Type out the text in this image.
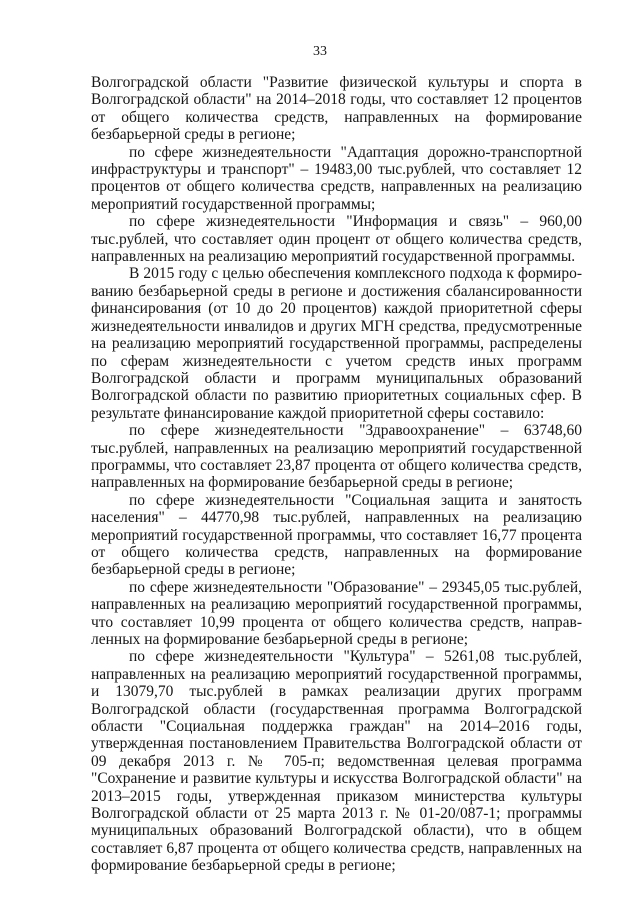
33

Волгоградской области "Развитие физической культуры и спорта в Волгоградской области" на 2014–2018 годы, что составляет 12 процентов от общего количества средств, направленных на формирование безбарьерной среды в регионе;

по сфере жизнедеятельности "Адаптация дорожно-транспортной инфраструктуры и транспорт" – 19483,00 тыс.рублей, что составляет 12 процентов от общего количества средств, направленных на реализацию мероприятий государственной программы;

по сфере жизнедеятельности "Информация и связь" – 960,00 тыс.рублей, что составляет один процент от общего количества средств, направленных на реализацию мероприятий государственной программы.

В 2015 году с целью обеспечения комплексного подхода к формированию безбарьерной среды в регионе и достижения сбалансированности финансирования (от 10 до 20 процентов) каждой приоритетной сферы жизнедеятельности инвалидов и других МГН средства, предусмотренные на реализацию мероприятий государственной программы, распределены по сферам жизнедеятельности с учетом средств иных программ Волгоградской области и программ муниципальных образований Волгоградской области по развитию приоритетных социальных сфер. В результате финансирование каждой приоритетной сферы составило:

по сфере жизнедеятельности "Здравоохранение" – 63748,60 тыс.рублей, направленных на реализацию мероприятий государственной программы, что составляет 23,87 процента от общего количества средств, направленных на формирование безбарьерной среды в регионе;

по сфере жизнедеятельности "Социальная защита и занятость населения" – 44770,98 тыс.рублей, направленных на реализацию мероприятий государственной программы, что составляет 16,77 процента от общего количества средств, направленных на формирование безбарьерной среды в регионе;

по сфере жизнедеятельности "Образование" – 29345,05 тыс.рублей, направленных на реализацию мероприятий государственной программы, что составляет 10,99 процента от общего количества средств, направленных на формирование безбарьерной среды в регионе;

по сфере жизнедеятельности "Культура" – 5261,08 тыс.рублей, направленных на реализацию мероприятий государственной программы, и 13079,70 тыс.рублей в рамках реализации других программ Волгоградской области (государственная программа Волгоградской области "Социальная поддержка граждан" на 2014–2016 годы, утвержденная постановлением Правительства Волгоградской области от 09 декабря 2013 г. № 705-п; ведомственная целевая программа "Сохранение и развитие культуры и искусства Волгоградской области" на 2013–2015 годы, утвержденная приказом министерства культуры Волгоградской области от 25 марта 2013 г. № 01-20/087-1; программы муниципальных образований Волгоградской области), что в общем составляет 6,87 процента от общего количества средств, направленных на формирование безбарьерной среды в регионе;
